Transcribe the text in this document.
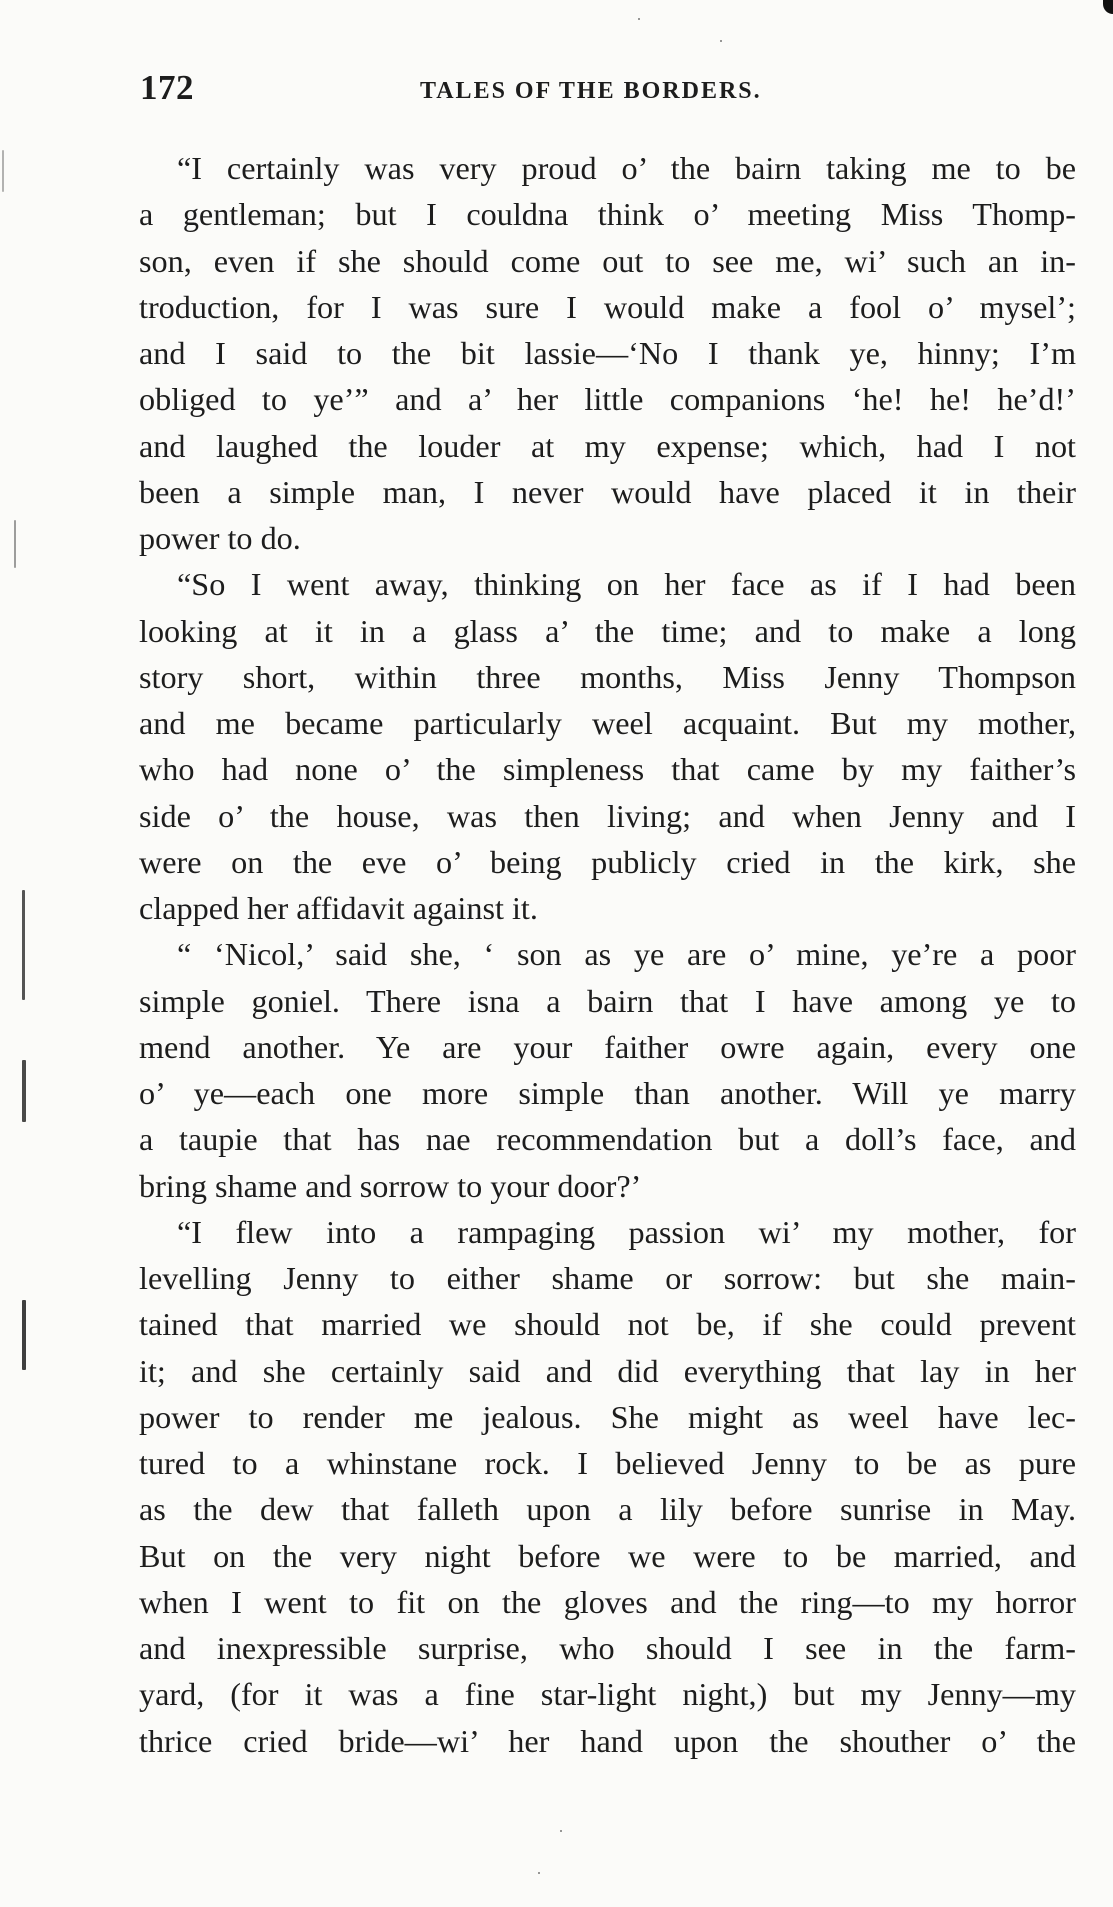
172	TALES OF THE BORDERS.

“I certainly was very proud o’ the bairn taking me to be
a gentleman; but I couldna think o’ meeting Miss Thomp-
son, even if she should come out to see me, wi’ such an in-
troduction, for I was sure I would make a fool o’ mysel’;
and I said to the bit lassie—‘No I thank ye, hinny; I’m
obliged to ye’” and a’ her little companions ‘he! he! he’d!’
and laughed the louder at my expense; which, had I not
been a simple man, I never would have placed it in their
power to do.

“So I went away, thinking on her face as if I had been
looking at it in a glass a’ the time; and to make a long
story short, within three months, Miss Jenny Thompson
and me became particularly weel acquaint. But my mother,
who had none o’ the simpleness that came by my faither’s
side o’ the house, was then living; and when Jenny and I
were on the eve o’ being publicly cried in the kirk, she
clapped her affidavit against it.

“ ‘Nicol,’ said she, ‘ son as ye are o’ mine, ye’re a poor
simple goniel. There isna a bairn that I have among ye to
mend another. Ye are your faither owre again, every one
o’ ye—each one more simple than another. Will ye marry
a taupie that has nae recommendation but a doll’s face, and
bring shame and sorrow to your door?’

“I flew into a rampaging passion wi’ my mother, for
levelling Jenny to either shame or sorrow: but she main-
tained that married we should not be, if she could prevent
it; and she certainly said and did everything that lay in her
power to render me jealous. She might as weel have lec-
tured to a whinstane rock. I believed Jenny to be as pure
as the dew that falleth upon a lily before sunrise in May.
But on the very night before we were to be married, and
when I went to fit on the gloves and the ring—to my horror
and inexpressible surprise, who should I see in the farm-
yard, (for it was a fine star-light night,) but my Jenny—my
thrice cried bride—wi’ her hand upon the shouther o’ the
